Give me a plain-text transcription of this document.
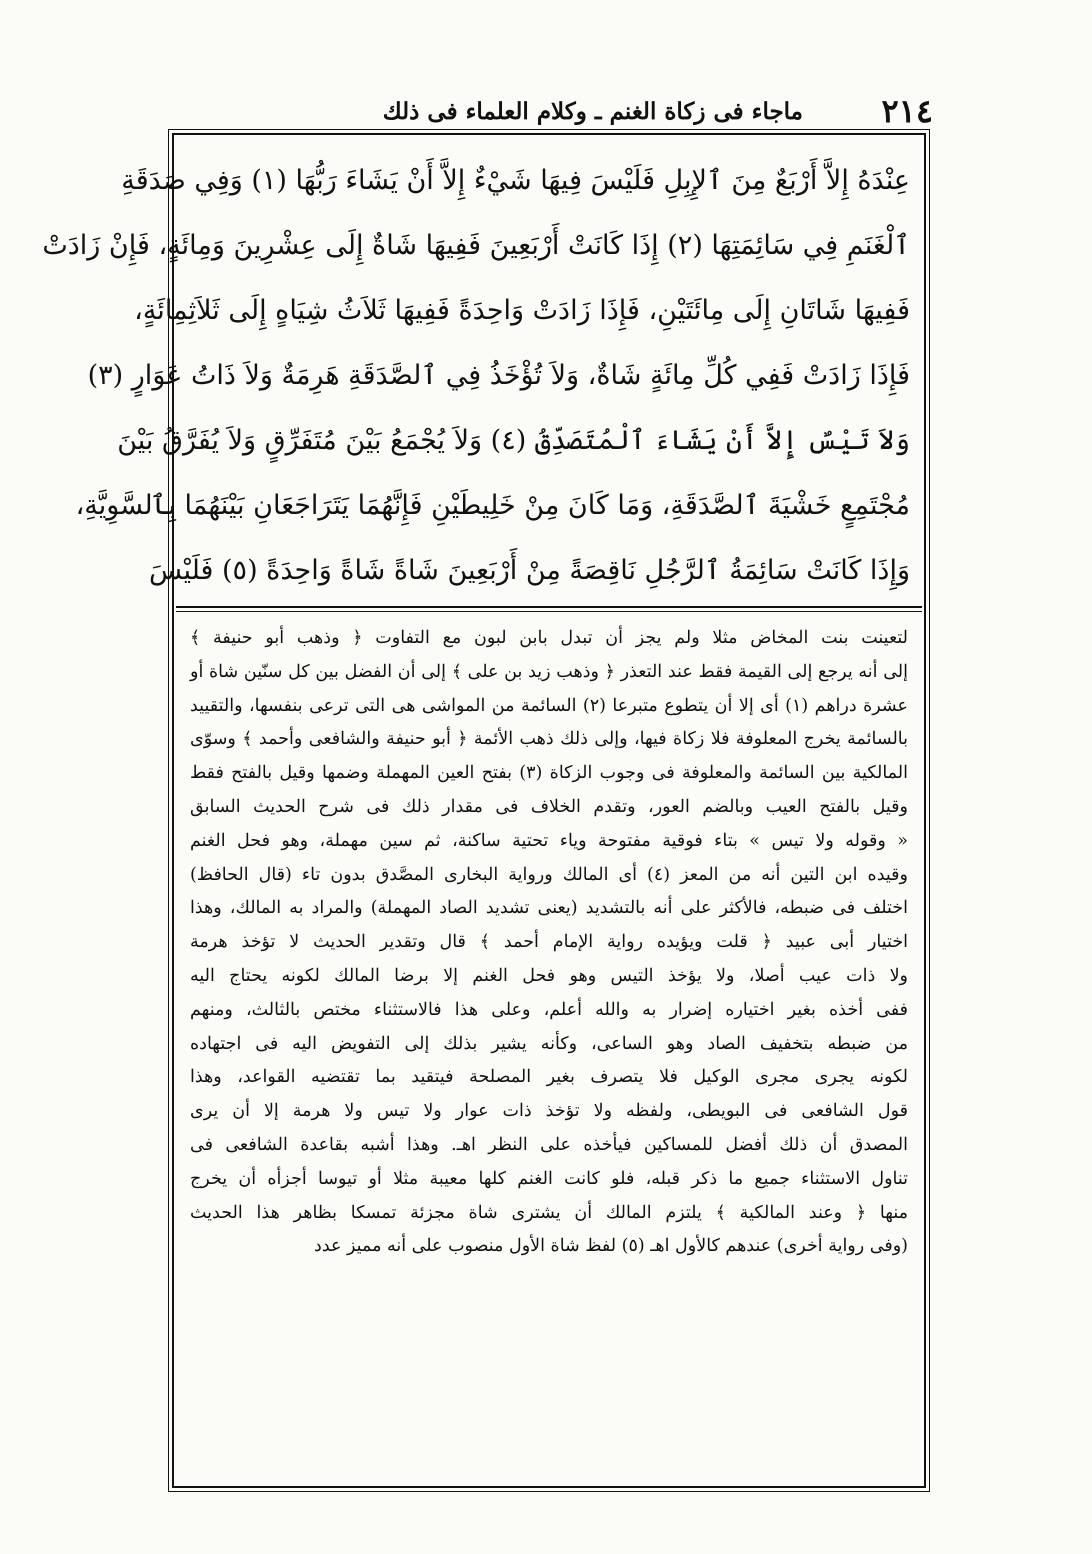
٢١٤
ماجاء فى زكاة الغنم ـ وكلام العلماء فى ذلك
عِنْدَهُ إِلاَّ أَرْبَعٌ مِنَ ٱلإِبِلِ فَلَيْسَ فِيهَا شَيْءٌ إِلاَّ أَنْ يَشَاءَ رَبُّهَا (١) وَفِي صَدَقَةِ
ٱلْغَنَمِ فِي سَائِمَتِهَا (٢) إِذَا كَانَتْ أَرْبَعِينَ فَفِيهَا شَاةٌ إِلَى عِشْرِينَ وَمِائَةٍ، فَإِنْ زَادَتْ
فَفِيهَا شَاتَانِ إِلَى مِائَتَيْنِ، فَإِذَا زَادَتْ وَاحِدَةً فَفِيهَا ثَلاَثُ شِيَاهٍ إِلَى ثَلاَثِمِائَةٍ،
فَإِذَا زَادَتْ فَفِي كُلِّ مِائَةٍ شَاةٌ، وَلاَ تُؤْخَذُ فِي ٱلصَّدَقَةِ هَرِمَةٌ وَلاَ ذَاتُ عَوَارٍ (٣)
وَلاَ تَيْسٌ إِلاَّ أَنْ يَشَاءَ ٱلْمُتَصَدِّقُ (٤) وَلاَ يُجْمَعُ بَيْنَ مُتَفَرِّقٍ وَلاَ يُفَرَّقُ بَيْنَ
مُجْتَمِعٍ خَشْيَةَ ٱلصَّدَقَةِ، وَمَا كَانَ مِنْ خَلِيطَيْنِ فَإِنَّهُمَا يَتَرَاجَعَانِ بَيْنَهُمَا بِٱلسَّوِيَّةِ،
وَإِذَا كَانَتْ سَائِمَةُ ٱلرَّجُلِ نَاقِصَةً مِنْ أَرْبَعِينَ شَاةً شَاةً وَاحِدَةً (٥) فَلَيْسَ
لتعينت بنت المخاض مثلا ولم يجز أن تبدل بابن لبون مع التفاوت ﴿ وذهب أبو حنيفة ﴾
إلى أنه يرجع إلى القيمة فقط عند التعذر ﴿ وذهب زيد بن على ﴾ إلى أن الفضل بين كل سنّين شاة أو
عشرة دراهم (١) أى إلا أن يتطوع متبرعا (٢) السائمة من المواشى هى التى ترعى بنفسها، والتقييد
بالسائمة يخرج المعلوفة فلا زكاة فيها، وإلى ذلك ذهب الأئمة ﴿ أبو حنيفة والشافعى وأحمد ﴾ وسوّى
المالكية بين السائمة والمعلوفة فى وجوب الزكاة (٣) بفتح العين المهملة وضمها وقيل بالفتح فقط
وقيل بالفتح العيب وبالضم العور، وتقدم الخلاف فى مقدار ذلك فى شرح الحديث السابق
« وقوله ولا تيس » بتاء فوقية مفتوحة وياء تحتية ساكنة، ثم سين مهملة، وهو فحل الغنم
وقيده ابن التين أنه من المعز (٤) أى المالك ورواية البخارى المصَّدق بدون تاء (قال الحافظ)
اختلف فى ضبطه، فالأكثر على أنه بالتشديد (يعنى تشديد الصاد المهملة) والمراد به المالك، وهذا
اختيار أبى عبيد ﴿ قلت ويؤيده رواية الإمام أحمد ﴾ قال وتقدير الحديث لا تؤخذ هرمة
ولا ذات عيب أصلا، ولا يؤخذ التيس وهو فحل الغنم إلا برضا المالك لكونه يحتاج اليه
ففى أخذه بغير اختياره إضرار به والله أعلم، وعلى هذا فالاستثناء مختص بالثالث، ومنهم
من ضبطه بتخفيف الصاد وهو الساعى، وكأنه يشير بذلك إلى التفويض اليه فى اجتهاده
لكونه يجرى مجرى الوكيل فلا يتصرف بغير المصلحة فيتقيد بما تقتضيه القواعد، وهذا
قول الشافعى فى البويطى، ولفظه ولا تؤخذ ذات عوار ولا تيس ولا هرمة إلا أن يرى
المصدق أن ذلك أفضل للمساكين فيأخذه على النظر اهـ. وهذا أشبه بقاعدة الشافعى فى
تناول الاستثناء جميع ما ذكر قبله، فلو كانت الغنم كلها معيبة مثلا أو تيوسا أجزأه أن يخرج
منها ﴿ وعند المالكية ﴾ يلتزم المالك أن يشترى شاة مجزئة تمسكا بظاهر هذا الحديث
(وفى رواية أخرى) عندهم كالأول اهـ (٥) لفظ شاة الأول منصوب على أنه مميز عدد
